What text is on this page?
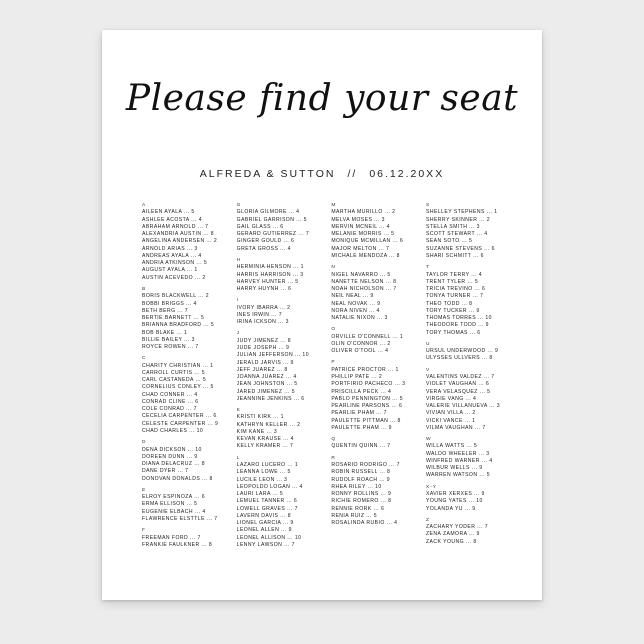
Please find your seat
ALFREDA & SUTTON // 06.12.20XX
A
AILEEN AYALA ... 5
ASHLEE ACOSTA ... 4
ABRAHAM ARNOLD ... 7
ALEXANDRIA AUSTIN ... 8
ANGELINA ANDERSEN ... 2
ARNOLD ARIAS ... 3
ANDREAS AYALA ... 4
ANDRIA ATKINSON ... 5
AUGUST AYALA ... 1
AUSTIN ACEVEDO ... 2
B
BORIS BLACKWELL ... 2
BOBBI BRIGGS ... 4
BETH BERG ... 7
BERTIE BARNETT ... 5
BRIANNA BRADFORD ... 5
BOB BLAKE ... 1
BILLIE BAILEY ... 3
ROYCE ROWEN ... 7
C
CHARITY CHRISTIAN ... 1
CARROLL CURTIS ... 5
CARL CASTANEDA ... 5
CORNELIUS CONLEY ... 5
CHAD CONNER ... 4
CONRAD CLINE ... 6
COLE CONRAD ... 7
CECELIA CARPENTER ... 6
CELESTE CARPENTER ... 9
CHAD CHARLES ... 10
D
DENA DICKSON ... 10
DOREEN DUNN ... 9
DIANA DELACRUZ ... 8
DANE DYER ... 7
DONOVAN DONALDS ... 8
E
ELROY ESPINOZA ... 6
ERMA ELLISON ... 5
EUGENIE ELBACH ... 4
FLAWRENCE ELSTTLE ... 7
F
FREEMAN FORD ... 7
FRANKIE FAULKNER ... 8
G
GLORIA GILMORE ... 4
GABRIEL GARRISON ... 5
GAIL GLASS ... 6
GERARD GUTIERREZ ... 7
GINGER GOULD ... 6
GRETA GROSS ... 4
H
HERMINIA HENSON ... 1
HARRIS HARRISON ... 3
HARVEY HUNTER ... 5
HARRY HUYNH ... 6
I
IVORY IBARRA ... 2
INES IRWIN ... 7
IRINA ICKSON ... 3
J
JUDY JIMENEZ ... 8
JUDE JOSEPH ... 9
JULIAN JEFFERSON ... 10
JERALD JARVIS ... 9
JEFF JUAREZ ... 8
JOANNA JUAREZ ... 4
JEAN JOHNSTON ... 5
JARED JIMENEZ ... 5
JEANNINE JENKINS ... 6
K
KRISTI KIRK ... 1
KATHRYN KELLER ... 2
KIM KANE ... 3
KEVAN KRAUSE ... 4
KELLY KRAMER ... 7
L
LAZARO LUCERO ... 1
LEANNA LOWE ... 5
LUCILE LEON ... 3
LEOPOLDO LOGAN ... 4
LAURI LARA ... 5
LEMUEL TANNER ... 6
LOWELL GRAVES ... 7
LAVERN DAVIS ... 8
LIONEL GARCIA ... 9
LEONEL ALLEN ... 9
LEONEL ALLISON ... 10
LENNY LAWSON ... 7
M
MARTHA MURILLO ... 2
MELVA MOSES ... 3
MERVIN MCNEIL ... 4
MELANIE MORRIS ... 5
MONIQUE MCMILLAN ... 6
MAJOR MELTON ... 7
MICHALE MENDOZA ... 8
N
NIGEL NAVARRO ... 5
NANETTE NELSON ... 8
NOAH NICHOLSON ... 7
NEIL NEAL ... 9
NEAL NOVAK ... 9
NORA NIVEN ... 4
NATALIE NIXON ... 3
O
ORVILLE O'CONNELL ... 1
OLIN O'CONNOR ... 2
OLIVER O'TOOL ... 4
P
PATRICE PROCTOR ... 1
PHILLIP PATE ... 2
PORTFIRIO PACHECO ... 3
PRISCILLA PECK ... 4
PABLO PENNINGTON ... 5
PEARLINE PARSONS ... 6
PEARLIE PHAM ... 7
PAULETTE PITTMAN ... 8
PAULETTE PHAM ... 9
Q
QUENTIN QUINN ... 7
R
ROSARIO RODRIGO ... 7
ROBIN RUSSELL ... 8
RUDOLF ROACH ... 9
RHEA RILEY ... 10
RONNY ROLLINS ... 9
RICHIE ROMERO ... 8
RENNIE RORK ... 6
RENIA RUIZ ... 5
ROSALINDA RUBIO ... 4
S
SHELLEY STEPHENS ... 1
SHERRY SKINNER ... 2
STELLA SMITH ... 3
SCOTT STEWART ... 4
SEAN SOTO ... 5
SUZANNE STEVENS ... 6
SHARI SCHMITT ... 6
T
TAYLOR TERRY ... 4
TRENT TYLER ... 5
TRICIA TREVINO ... 6
TONYA TURNER ... 7
THEO TODD ... 8
TORY TUCKER ... 9
THOMAS TORRES ... 10
THEODORE TODD ... 9
TORY THOMAS ... 6
U
URSUL UNDERWOOD ... 9
ULYSSES ULLVERS ... 8
V
VALENTINS VALDEZ ... 7
VIOLET VAUGHAN ... 6
VERA VELASQUEZ ... 5
VIRGIE VANG ... 4
VALERIE VILLANUEVA ... 3
VIVIAN VILLA ... 2
VICKI VANCE ... 1
VILMA VAUGHAN ... 7
W
WILLA WATTS ... 5
WALDO WHEELER ... 3
WINFRED WARNER ... 4
WILBUR WELLS ... 9
WARREN WATSON ... 5
X-Y
XAVIER XERXES ... 9
YOUNG YATES ... 10
YOLANDA YU ... 9
Z
ZACHARY YODER ... 7
ZENA ZAMORA ... 9
ZACK YOUNG ... 8
